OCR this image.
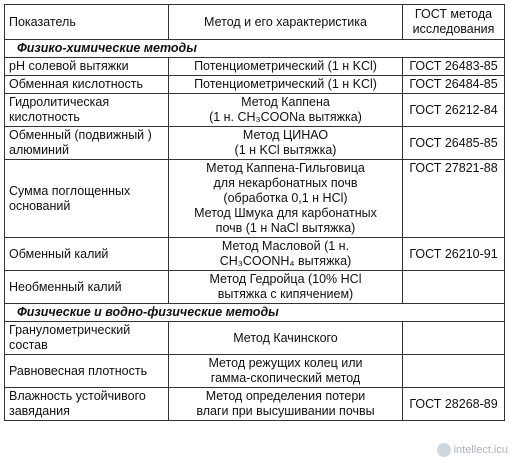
Показатель	Метод и его характеристика	ГОСТ метода
исследования

Физико-химические методы		
pH солевой вытяжки	Потенциометрический (1 н KCl)	ГОСТ 26483-85
Обменная кислотность	Потенциометрический (1 н KCl)	ГОСТ 26484-85
Гидролитическая кислотность	Метод Каппена
(1 н. CH₃COONa вытяжка)	ГОСТ 26212-84
Обменный (подвижный ) алюминий	Метод ЦИНАО
(1 н KCl вытяжка)	ГОСТ 26485-85
Сумма поглощенных оснований	Метод Каппена-Гильговица
для некарбонатных почв
(обработка 0,1 н HCl)
Метод Шмука для карбонатных
почв (1 н NaCl вытяжка)	ГОСТ 27821-88
Обменный калий	Метод Масловой (1 н.
CH₃COONH₄ вытяжка)	ГОСТ 26210-91
Необменный калий	Метод Гедройца (10% HCl
вытяжка с кипячением)	

Физические и водно-физические методы		
Гранулометрический состав	Метод Качинского	

Равновесная плотность	Метод режущих колец или
гамма-скопический метод	

Влажность устойчивого завядания	Метод определения потери
влаги при высушивании почвы	ГОСТ 28268-89
intellect.icu
